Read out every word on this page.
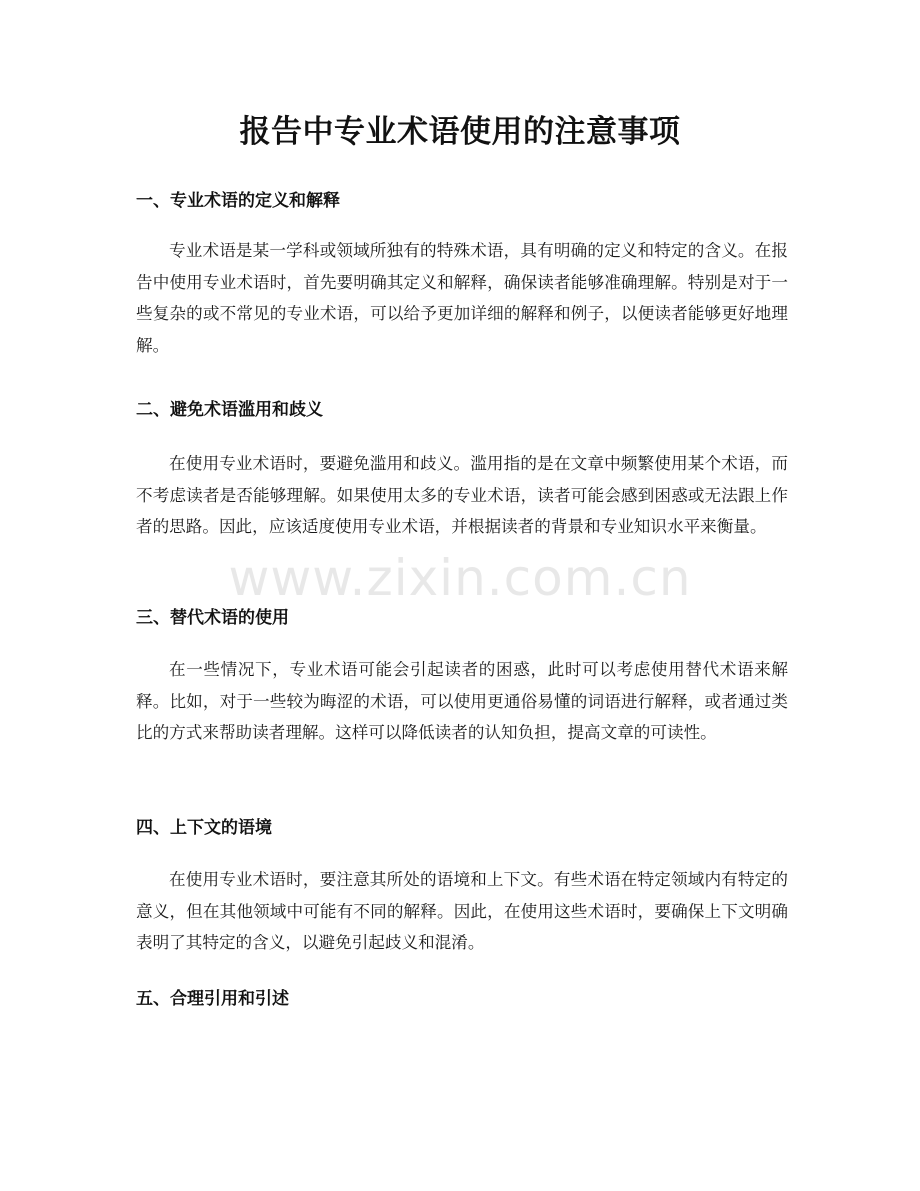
报告中专业术语使用的注意事项
一、专业术语的定义和解释

专业术语是某一学科或领域所独有的特殊术语，具有明确的定义和特定的含义。在报告中使用专业术语时，首先要明确其定义和解释，确保读者能够准确理解。特别是对于一些复杂的或不常见的专业术语，可以给予更加详细的解释和例子，以便读者能够更好地理解。

二、避免术语滥用和歧义

在使用专业术语时，要避免滥用和歧义。滥用指的是在文章中频繁使用某个术语，而不考虑读者是否能够理解。如果使用太多的专业术语，读者可能会感到困惑或无法跟上作者的思路。因此，应该适度使用专业术语，并根据读者的背景和专业知识水平来衡量。

三、替代术语的使用

在一些情况下，专业术语可能会引起读者的困惑，此时可以考虑使用替代术语来解释。比如，对于一些较为晦涩的术语，可以使用更通俗易懂的词语进行解释，或者通过类比的方式来帮助读者理解。这样可以降低读者的认知负担，提高文章的可读性。

四、上下文的语境

在使用专业术语时，要注意其所处的语境和上下文。有些术语在特定领域内有特定的意义，但在其他领域中可能有不同的解释。因此，在使用这些术语时，要确保上下文明确表明了其特定的含义，以避免引起歧义和混淆。

五、合理引用和引述
www.zixin.com.cn
